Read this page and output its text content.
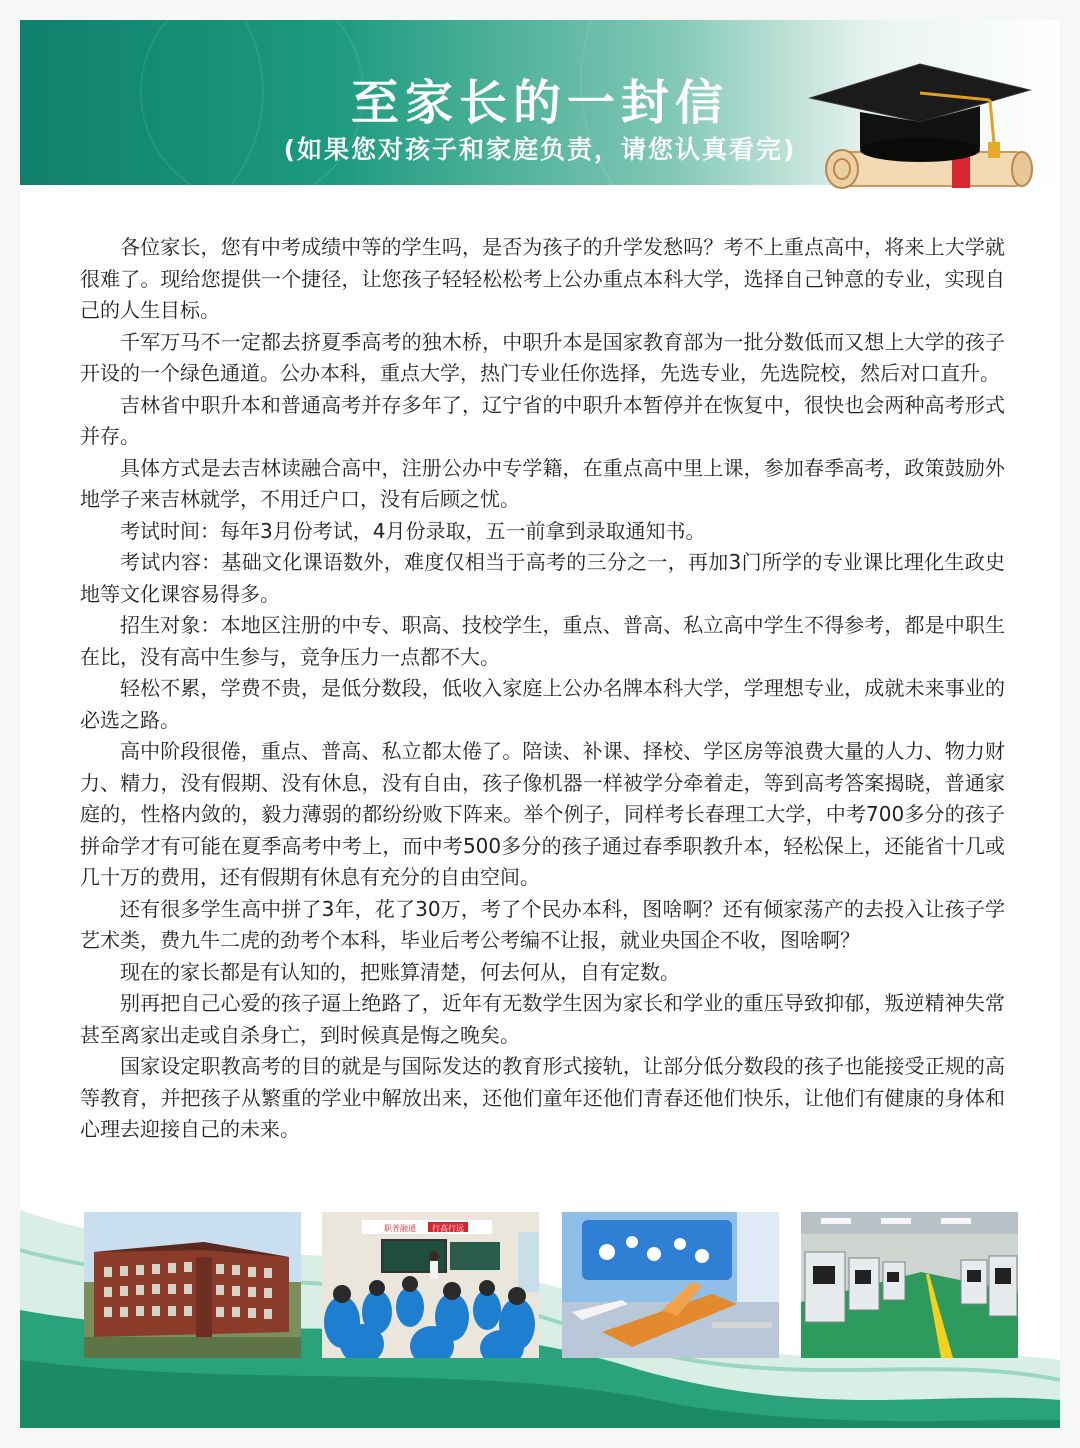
至家长的一封信
(如果您对孩子和家庭负责，请您认真看完)

各位家长，您有中考成绩中等的学生吗，是否为孩子的升学发愁吗？考不上重点高中，将来上大学就很难了。现给您提供一个捷径，让您孩子轻轻松松考上公办重点本科大学，选择自己钟意的专业，实现自己的人生目标。

千军万马不一定都去挤夏季高考的独木桥，中职升本是国家教育部为一批分数低而又想上大学的孩子开设的一个绿色通道。公办本科，重点大学，热门专业任你选择，先选专业，先选院校，然后对口直升。

吉林省中职升本和普通高考并存多年了，辽宁省的中职升本暂停并在恢复中，很快也会两种高考形式并存。

具体方式是去吉林读融合高中，注册公办中专学籍，在重点高中里上课，参加春季高考，政策鼓励外地学子来吉林就学，不用迁户口，没有后顾之忧。

考试时间：每年3月份考试，4月份录取，五一前拿到录取通知书。

考试内容：基础文化课语数外，难度仅相当于高考的三分之一，再加3门所学的专业课比理化生政史地等文化课容易得多。

招生对象：本地区注册的中专、职高、技校学生，重点、普高、私立高中学生不得参考，都是中职生在比，没有高中生参与，竞争压力一点都不大。

轻松不累，学费不贵，是低分数段，低收入家庭上公办名牌本科大学，学理想专业，成就未来事业的必选之路。

高中阶段很倦，重点、普高、私立都太倦了。陪读、补课、择校、学区房等浪费大量的人力、物力财力、精力，没有假期、没有休息，没有自由，孩子像机器一样被学分牵着走，等到高考答案揭晓，普通家庭的，性格内敛的，毅力薄弱的都纷纷败下阵来。举个例子，同样考长春理工大学，中考700多分的孩子拼命学才有可能在夏季高考中考上，而中考500多分的孩子通过春季职教升本，轻松保上，还能省十几或几十万的费用，还有假期有休息有充分的自由空间。

还有很多学生高中拼了3年，花了30万，考了个民办本科，图啥啊？还有倾家荡产的去投入让孩子学艺术类，费九牛二虎的劲考个本科，毕业后考公考编不让报，就业央国企不收，图啥啊？

现在的家长都是有认知的，把账算清楚，何去何从，自有定数。

别再把自己心爱的孩子逼上绝路了，近年有无数学生因为家长和学业的重压导致抑郁，叛逆精神失常甚至离家出走或自杀身亡，到时候真是悔之晚矣。

国家设定职教高考的目的就是与国际发达的教育形式接轨，让部分低分数段的孩子也能接受正规的高等教育，并把孩子从繁重的学业中解放出来，还他们童年还他们青春还他们快乐，让他们有健康的身体和心理去迎接自己的未来。

职普融通 行高行远
